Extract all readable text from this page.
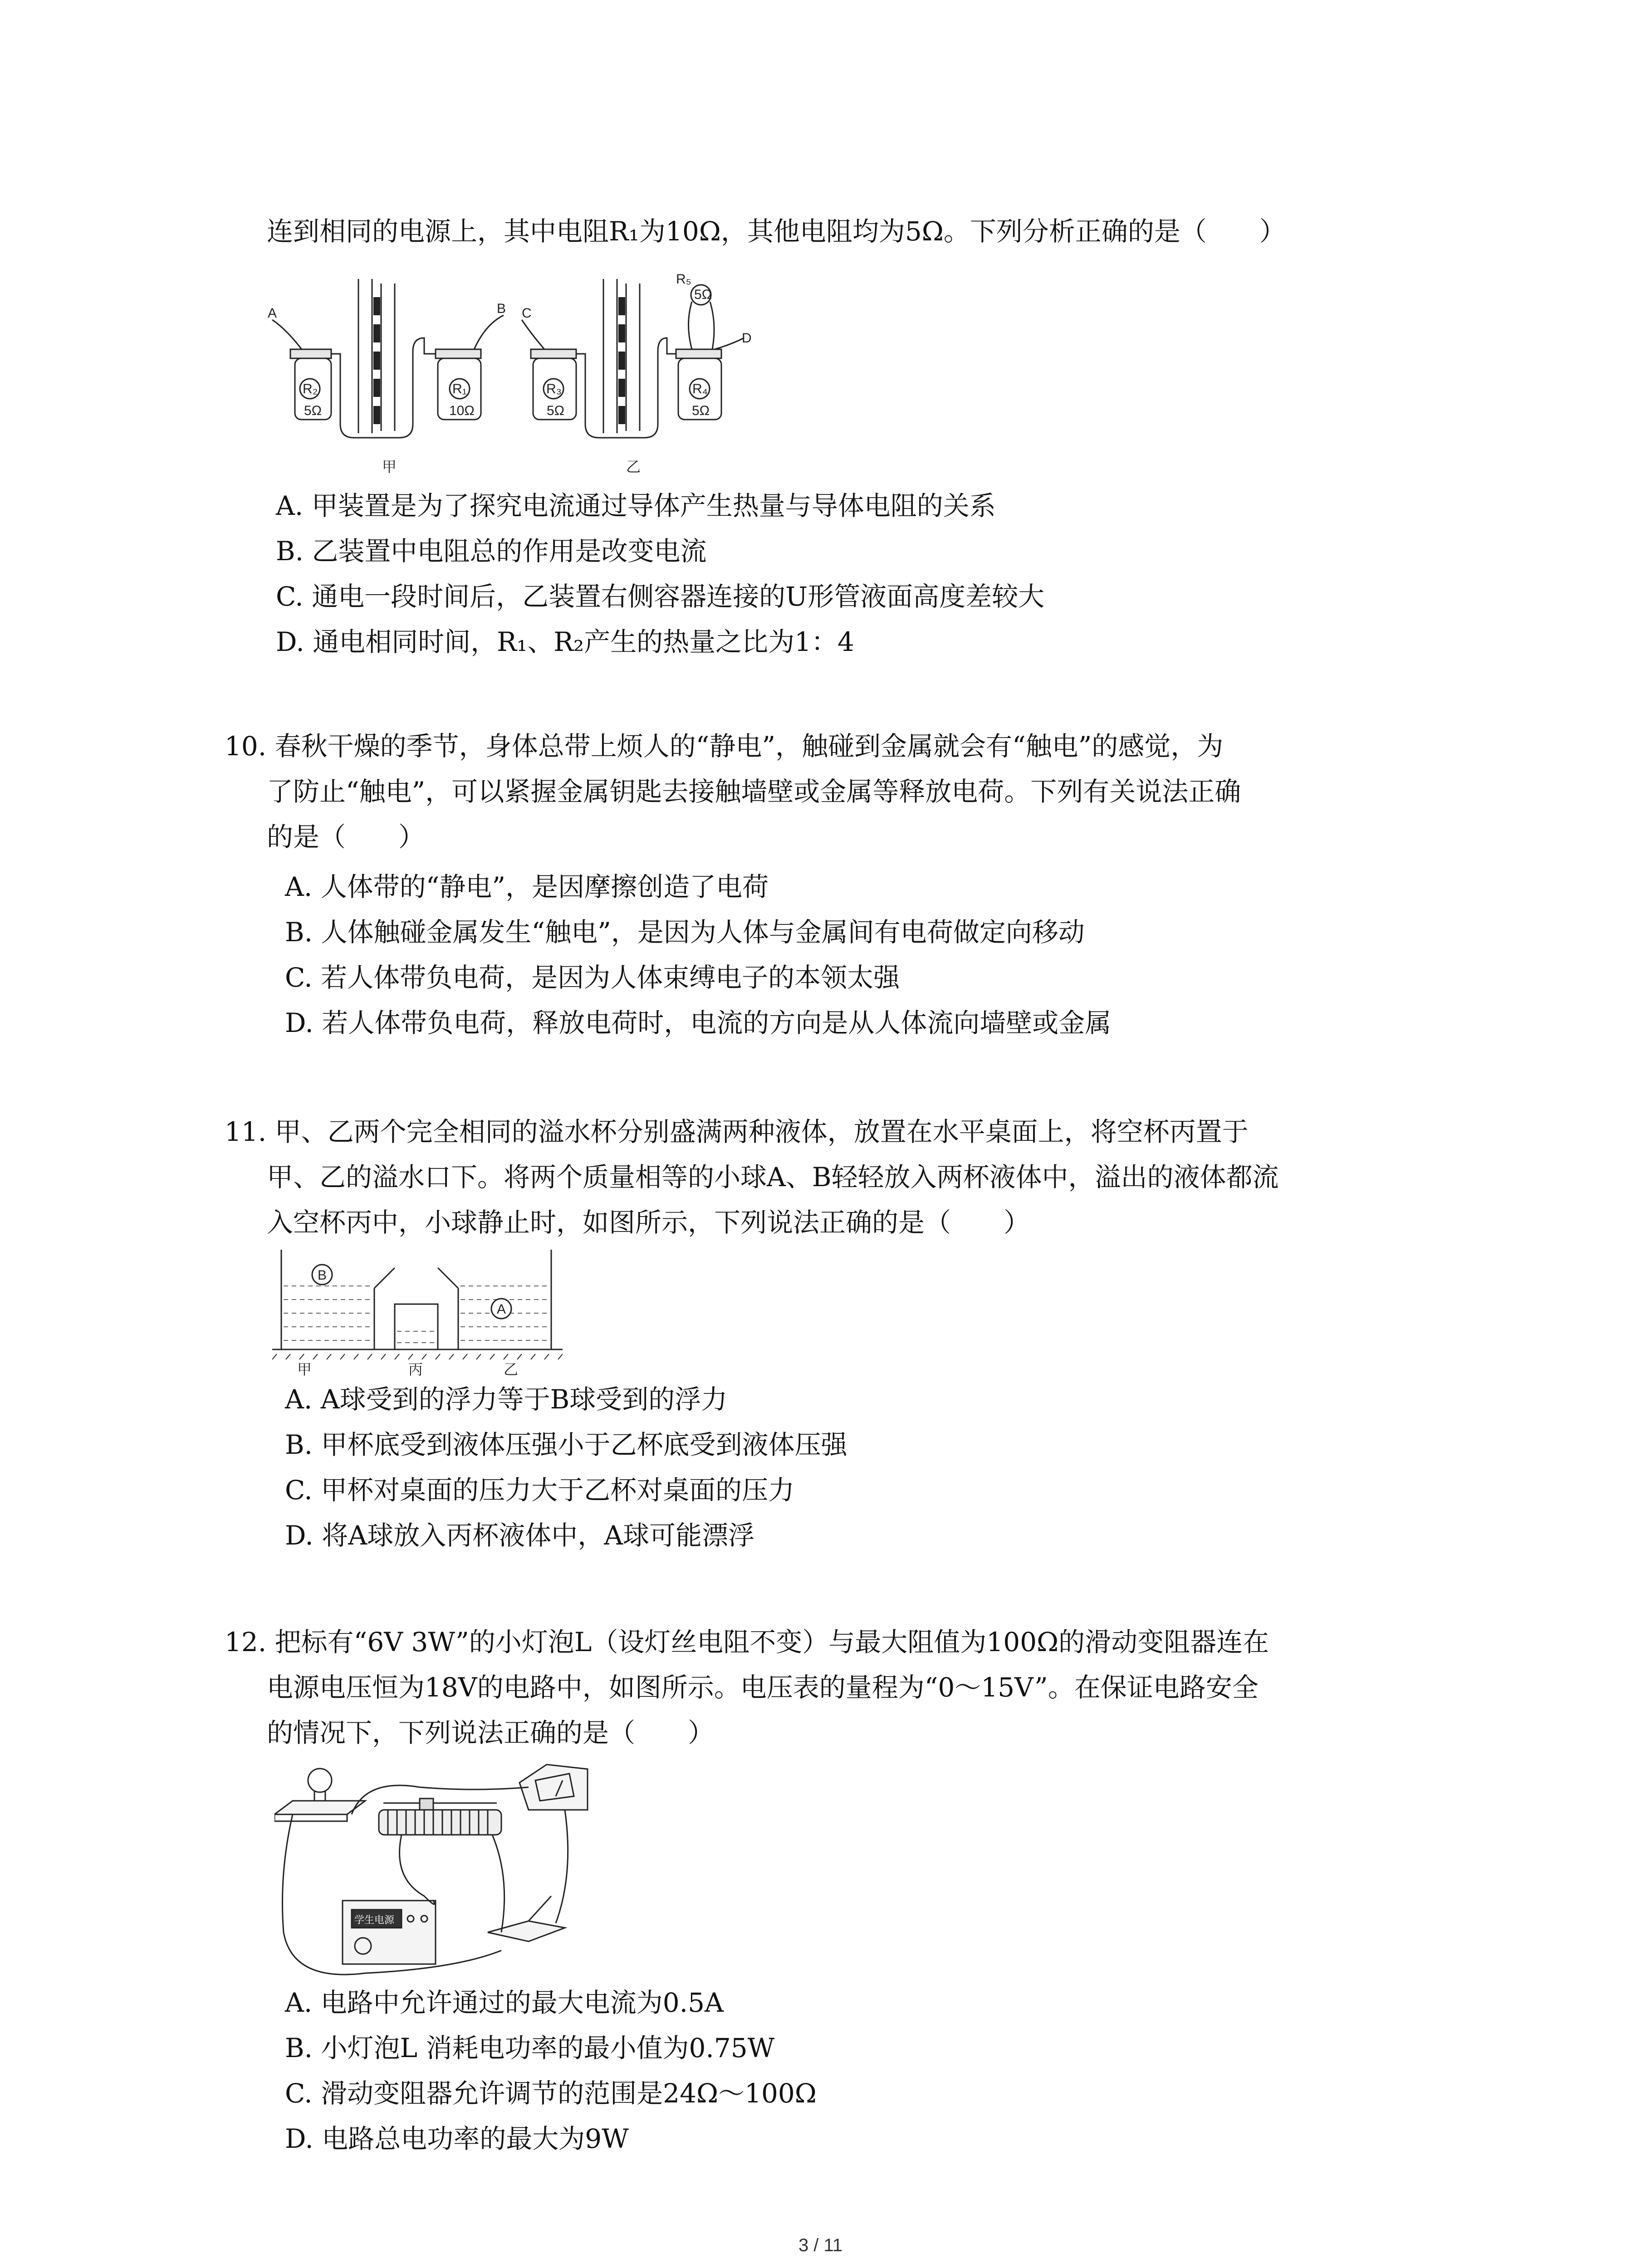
连到相同的电源上，其中电阻R₁为10Ω，其他电阻均为5Ω。下列分析正确的是（　　）
A	B C
D
R₂	R₁	R₃	R₄
R₅
5Ω
5Ω	10Ω	5Ω	5Ω
甲	乙
A. 甲装置是为了探究电流通过导体产生热量与导体电阻的关系
B. 乙装置中电阻总的作用是改变电流
C. 通电一段时间后，乙装置右侧容器连接的U形管液面高度差较大
D. 通电相同时间，R₁、R₂产生的热量之比为1：4
10. 春秋干燥的季节，身体总带上烦人的“静电”，触碰到金属就会有“触电”的感觉，为
了防止“触电”，可以紧握金属钥匙去接触墙壁或金属等释放电荷。下列有关说法正确
的是（　　）
A. 人体带的“静电”，是因摩擦创造了电荷
B. 人体触碰金属发生“触电”，是因为人体与金属间有电荷做定向移动
C. 若人体带负电荷，是因为人体束缚电子的本领太强
D. 若人体带负电荷，释放电荷时，电流的方向是从人体流向墙壁或金属
11. 甲、乙两个完全相同的溢水杯分别盛满两种液体，放置在水平桌面上，将空杯丙置于
甲、乙的溢水口下。将两个质量相等的小球A、B轻轻放入两杯液体中，溢出的液体都流
入空杯丙中，小球静止时，如图所示，下列说法正确的是（　　）
B
A
甲	丙	乙
A. A球受到的浮力等于B球受到的浮力
B. 甲杯底受到液体压强小于乙杯底受到液体压强
C. 甲杯对桌面的压力大于乙杯对桌面的压力
D. 将A球放入丙杯液体中，A球可能漂浮
12. 把标有“6V 3W”的小灯泡L（设灯丝电阻不变）与最大阻值为100Ω的滑动变阻器连在
电源电压恒为18V的电路中，如图所示。电压表的量程为“0～15V”。在保证电路安全
的情况下，下列说法正确的是（　　）
学生电源
A. 电路中允许通过的最大电流为0.5A
B. 小灯泡L 消耗电功率的最小值为0.75W
C. 滑动变阻器允许调节的范围是24Ω～100Ω
D. 电路总电功率的最大为9W
3 / 11
